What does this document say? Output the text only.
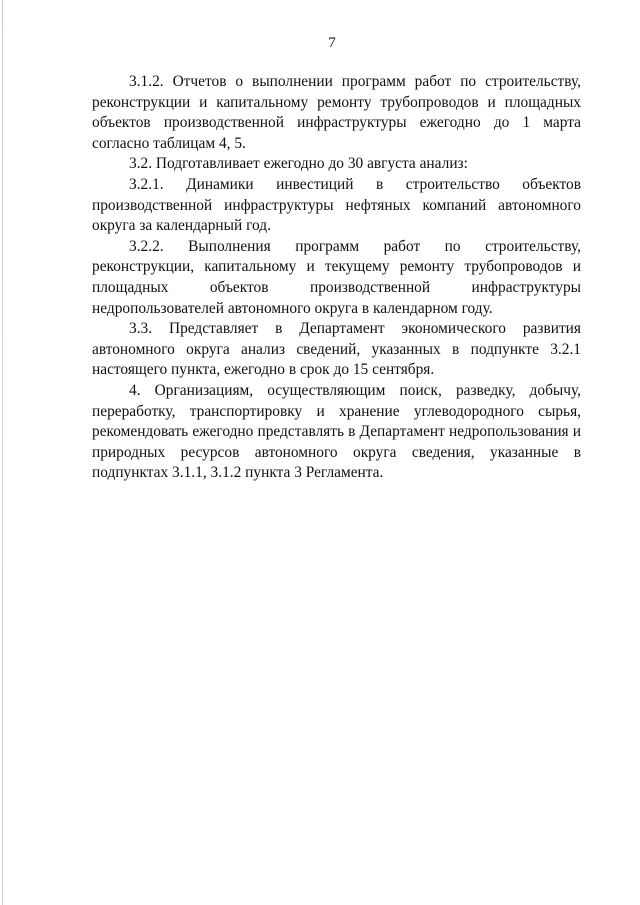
7

3.1.2. Отчетов о выполнении программ работ по строительству, реконструкции и капитальному ремонту трубопроводов и площадных объектов производственной инфраструктуры ежегодно до 1 марта согласно таблицам 4, 5.

3.2. Подготавливает ежегодно до 30 августа анализ:

3.2.1. Динамики инвестиций в строительство объектов производственной инфраструктуры нефтяных компаний автономного округа за календарный год.

3.2.2. Выполнения программ работ по строительству, реконструкции, капитальному и текущему ремонту трубопроводов и площадных объектов производственной инфраструктуры недропользователей автономного округа в календарном году.

3.3. Представляет в Департамент экономического развития автономного округа анализ сведений, указанных в подпункте 3.2.1 настоящего пункта, ежегодно в срок до 15 сентября.

4. Организациям, осуществляющим поиск, разведку, добычу, переработку, транспортировку и хранение углеводородного сырья, рекомендовать ежегодно представлять в Департамент недропользования и природных ресурсов автономного округа сведения, указанные в подпунктах 3.1.1, 3.1.2 пункта 3 Регламента.
